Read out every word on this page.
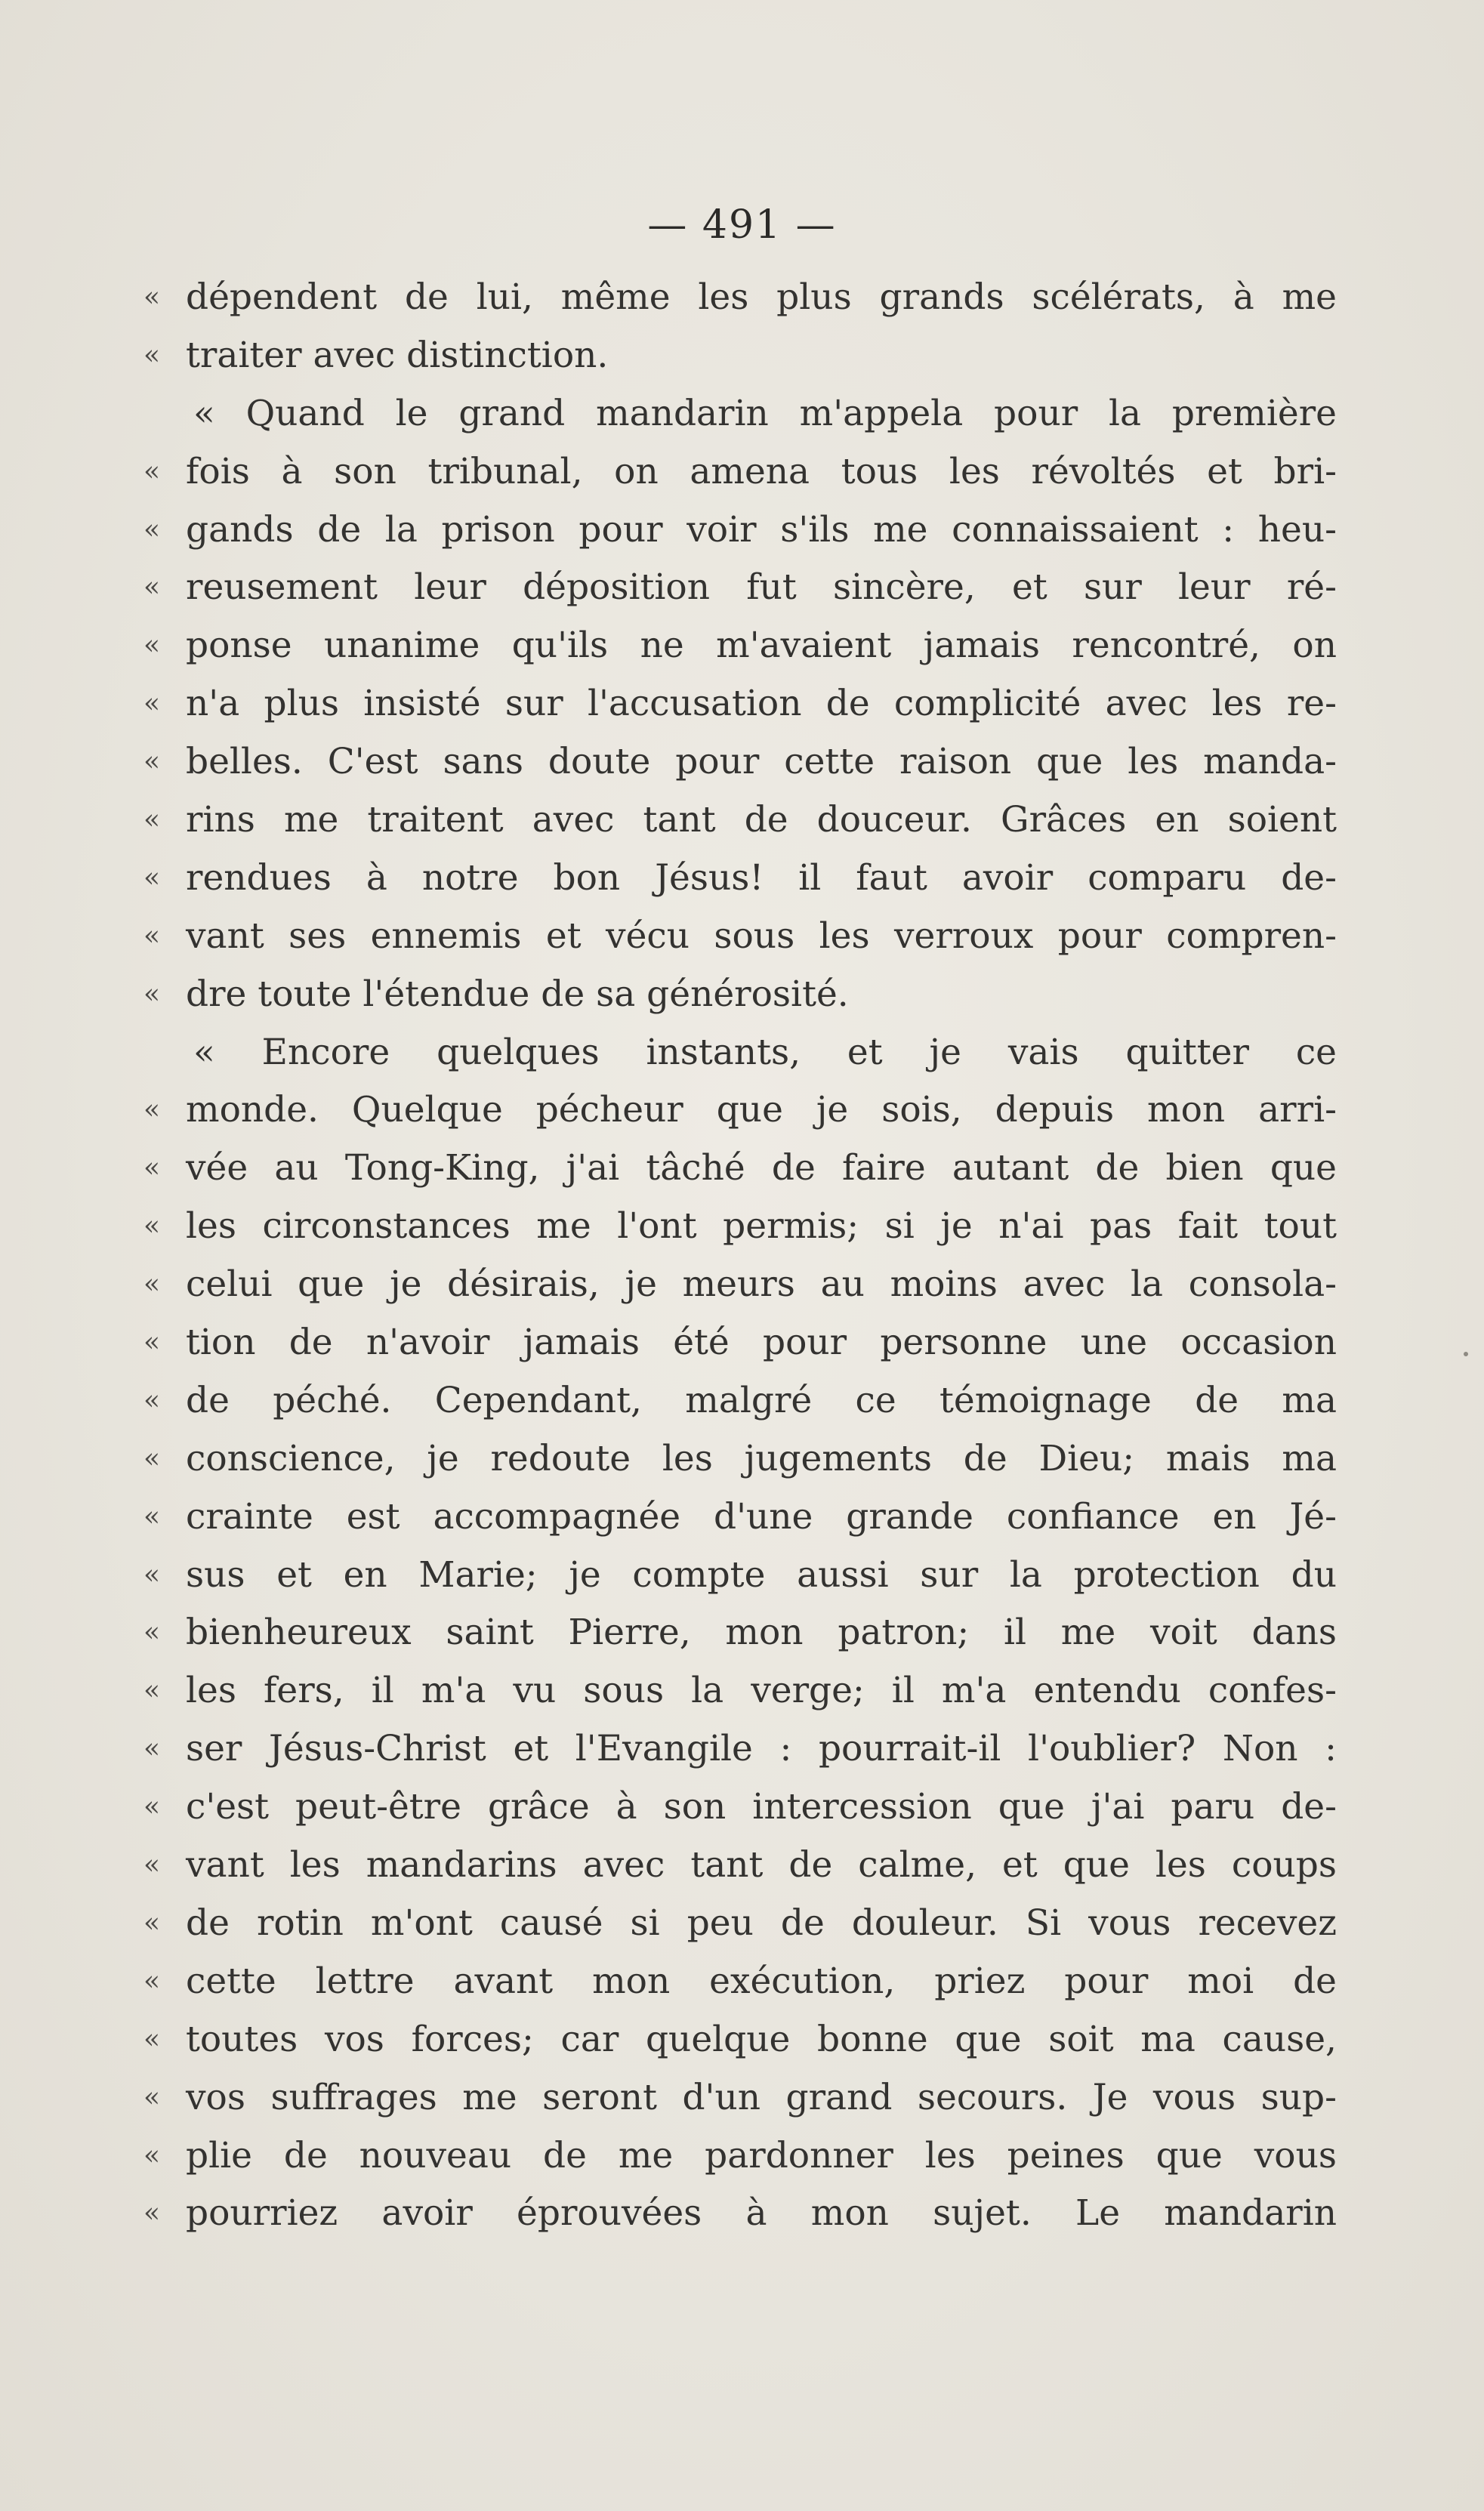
— 491 —
« dépendent de lui, même les plus grands scélérats, à me
« traiter avec distinction.
« Quand le grand mandarin m'appela pour la première
« fois à son tribunal, on amena tous les révoltés et bri-
« gands de la prison pour voir s'ils me connaissaient : heu-
« reusement leur déposition fut sincère, et sur leur ré-
« ponse unanime qu'ils ne m'avaient jamais rencontré, on
« n'a plus insisté sur l'accusation de complicité avec les re-
« belles. C'est sans doute pour cette raison que les manda-
« rins me traitent avec tant de douceur. Grâces en soient
« rendues à notre bon Jésus! il faut avoir comparu de-
« vant ses ennemis et vécu sous les verroux pour compren-
« dre toute l'étendue de sa générosité.
« Encore quelques instants, et je vais quitter ce
« monde. Quelque pécheur que je sois, depuis mon arri-
« vée au Tong-King, j'ai tâché de faire autant de bien que
« les circonstances me l'ont permis; si je n'ai pas fait tout
« celui que je désirais, je meurs au moins avec la consola-
« tion de n'avoir jamais été pour personne une occasion
« de péché. Cependant, malgré ce témoignage de ma
« conscience, je redoute les jugements de Dieu; mais ma
« crainte est accompagnée d'une grande confiance en Jé-
« sus et en Marie; je compte aussi sur la protection du
« bienheureux saint Pierre, mon patron; il me voit dans
« les fers, il m'a vu sous la verge; il m'a entendu confes-
« ser Jésus-Christ et l'Evangile : pourrait-il l'oublier? Non :
« c'est peut-être grâce à son intercession que j'ai paru de-
« vant les mandarins avec tant de calme, et que les coups
« de rotin m'ont causé si peu de douleur. Si vous recevez
« cette lettre avant mon exécution, priez pour moi de
« toutes vos forces; car quelque bonne que soit ma cause,
« vos suffrages me seront d'un grand secours. Je vous sup-
« plie de nouveau de me pardonner les peines que vous
« pourriez avoir éprouvées à mon sujet. Le mandarin
